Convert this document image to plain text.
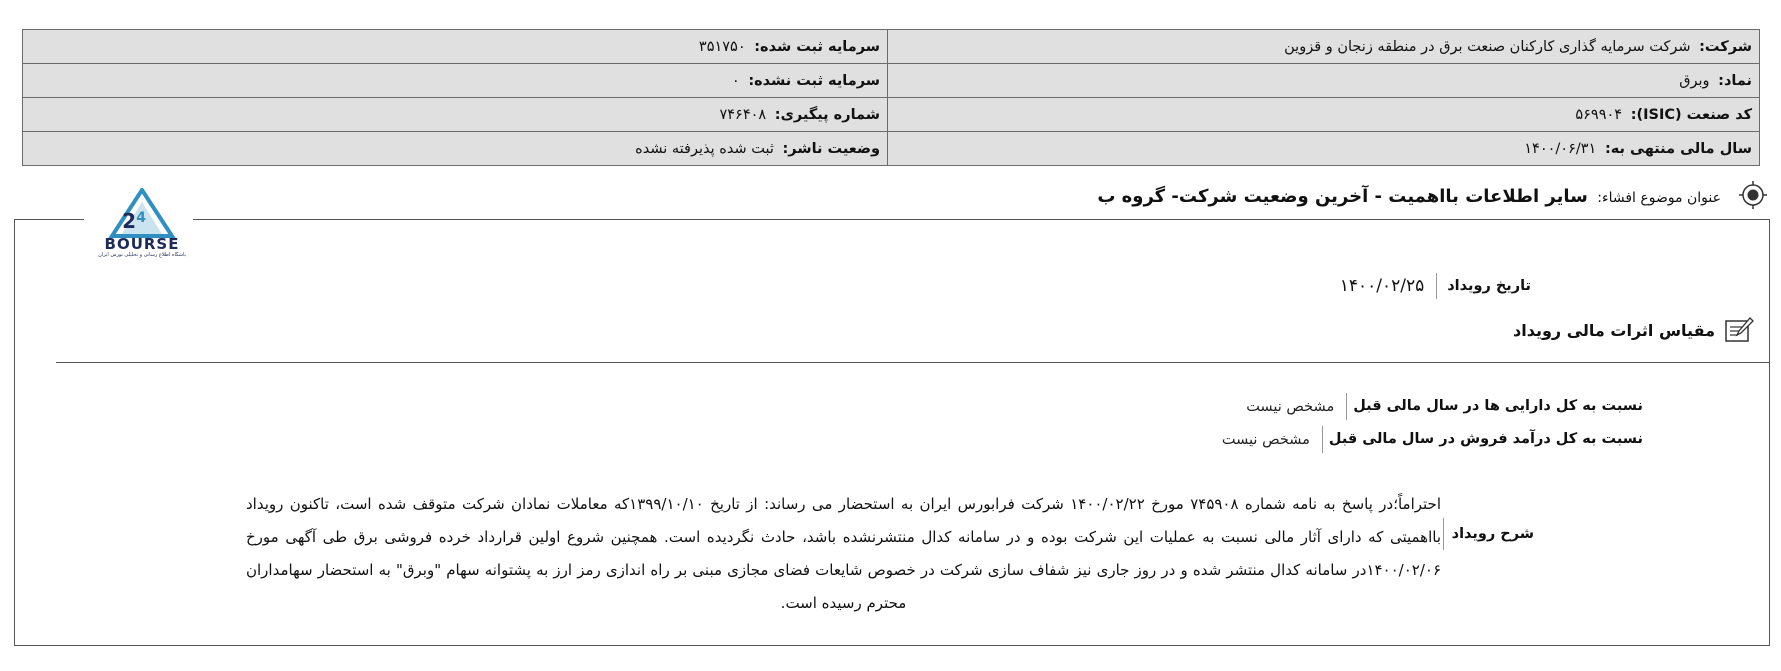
شرکت: شرکت سرمایه گذاری کارکنان صنعت برق در منطقه زنجان و قزوین	سرمایه ثبت شده: ۳۵۱۷۵۰
نماد: وبرق	سرمایه ثبت نشده: ۰
کد صنعت (ISIC): ۵۶۹۹۰۴	شماره پیگیری: ۷۴۶۴۰۸
سال مالی منتهی به: ۱۴۰۰/۰۶/۳۱	وضعیت ناشر: ثبت شده پذیرفته نشده
عنوان موضوع افشاء: سایر اطلاعات بااهمیت - آخرین وضعیت شرکت- گروه ب
2 4
BOURSE
باشگاه اطلاع رسانی و تحلیلی بورس ایران
تاریخ رویداد
۱۴۰۰/۰۲/۲۵
مقیاس اثرات مالی رویداد
نسبت به کل دارایی ها در سال مالی قبل
مشخص نیست
نسبت به کل درآمد فروش در سال مالی قبل
مشخص نیست
شرح رویداد
احتراماً؛در پاسخ به نامه شماره ۷۴۵۹۰۸ مورخ ۱۴۰۰/۰۲/۲۲ شرکت فرابورس ایران به استحضار می رساند: از تاریخ ۱۳۹۹/۱۰/۱۰که معاملات نمادان شرکت متوقف شده است، تاکنون رویداد بااهمیتی که دارای آثار مالی نسبت به عملیات این شرکت بوده و در سامانه کدال منتشرنشده باشد، حادث نگردیده است. همچنین شروع اولین قرارداد خرده فروشی برق طی آگهی مورخ ۱۴۰۰/۰۲/۰۶در سامانه کدال منتشر شده و در روز جاری نیز شفاف سازی شرکت در خصوص شایعات فضای مجازی مبنی بر راه اندازی رمز ارز به پشتوانه سهام "وبرق" به استحضار سهامداران محترم رسیده است.
